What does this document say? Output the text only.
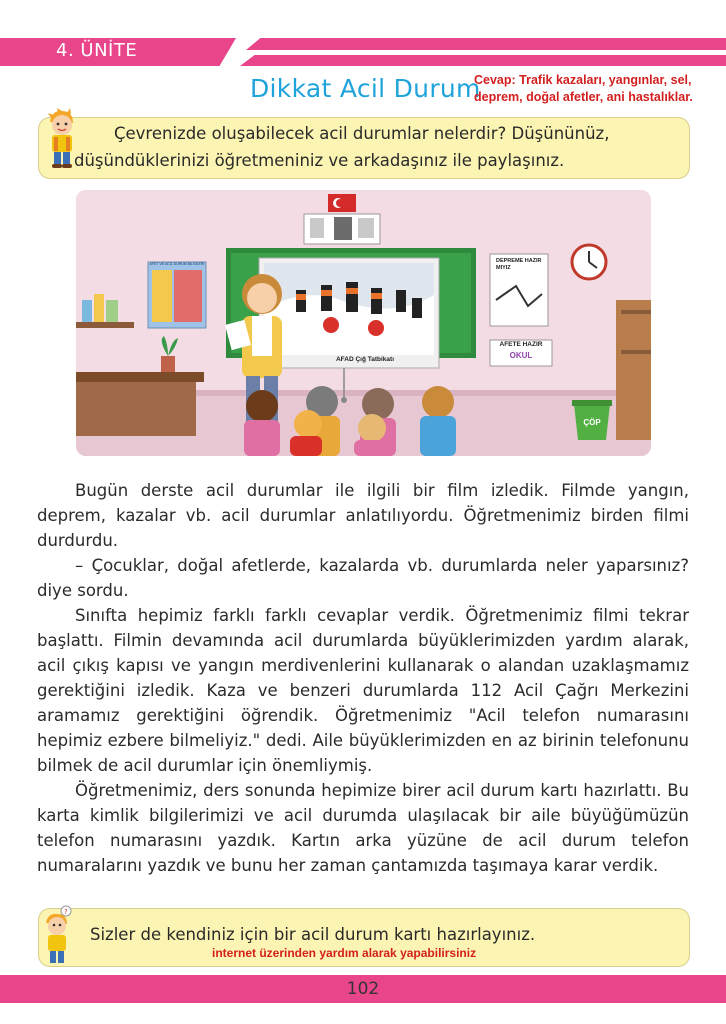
4. ÜNİTE
Dikkat Acil Durum
Cevap: Trafik kazaları, yangınlar, sel, deprem, doğal afetler, ani hastalıklar.
Çevrenizde oluşabilecek acil durumlar nelerdir? Düşününüz, düşündüklerinizi öğretmeniniz ve arkadaşınız ile paylaşınız.
AFAD Çığ Tatbikatı
AFET VE ACİL DURUM BİLGİLERİ	DEPREME HAZIR MIYIZ
AFETE HAZIR
OKUL
ÇÖP

Bugün derste acil durumlar ile ilgili bir film izledik. Filmde yangın, deprem, kazalar vb. acil durumlar anlatılıyordu. Öğretmenimiz birden filmi durdurdu.

– Çocuklar, doğal afetlerde, kazalarda vb. durumlarda neler yaparsınız? diye sordu.

Sınıfta hepimiz farklı farklı cevaplar verdik. Öğretmenimiz filmi tekrar başlattı. Filmin devamında acil durumlarda büyüklerimizden yardım alarak, acil çıkış kapısı ve yangın merdivenlerini kullanarak o alandan uzaklaşmamız gerektiğini izledik. Kaza ve benzeri durumlarda 112 Acil Çağrı Merkezini aramamız gerektiğini öğrendik. Öğretmenimiz "Acil telefon numarasını hepimiz ezbere bilmeliyiz." dedi. Aile büyüklerimizden en az birinin telefonunu bilmek de acil durumlar için önemliymiş.

Öğretmenimiz, ders sonunda hepimize birer acil durum kartı hazırlattı. Bu karta kimlik bilgilerimizi ve acil durumda ulaşılacak bir aile büyüğümüzün telefon numarasını yazdık. Kartın arka yüzüne de acil durum telefon numaralarını yazdık ve bunu her zaman çantamızda taşımaya karar verdik.

?
Sizler de kendiniz için bir acil durum kartı hazırlayınız.
internet üzerinden yardım alarak yapabilirsiniz
102
